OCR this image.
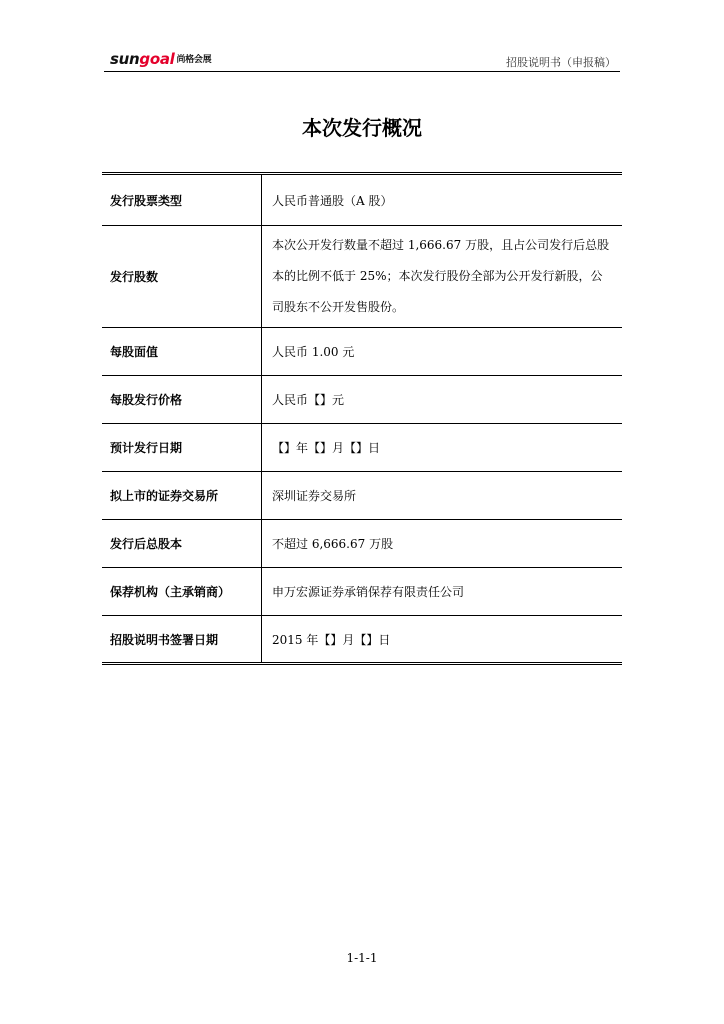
sungoal 尚格会展	招股说明书（申报稿）
本次发行概况
发行股票类型	人民币普通股（A 股）
发行股数	本次公开发行数量不超过 1,666.67 万股，且占公司发行后总股本的比例不低于 25%；本次发行股份全部为公开发行新股，公司股东不公开发售股份。
每股面值	人民币 1.00 元
每股发行价格	人民币【】元
预计发行日期	【】年【】月【】日
拟上市的证券交易所	深圳证券交易所
发行后总股本	不超过 6,666.67 万股
保荐机构（主承销商）	申万宏源证券承销保荐有限责任公司
招股说明书签署日期	2015 年【】月【】日
1-1-1
